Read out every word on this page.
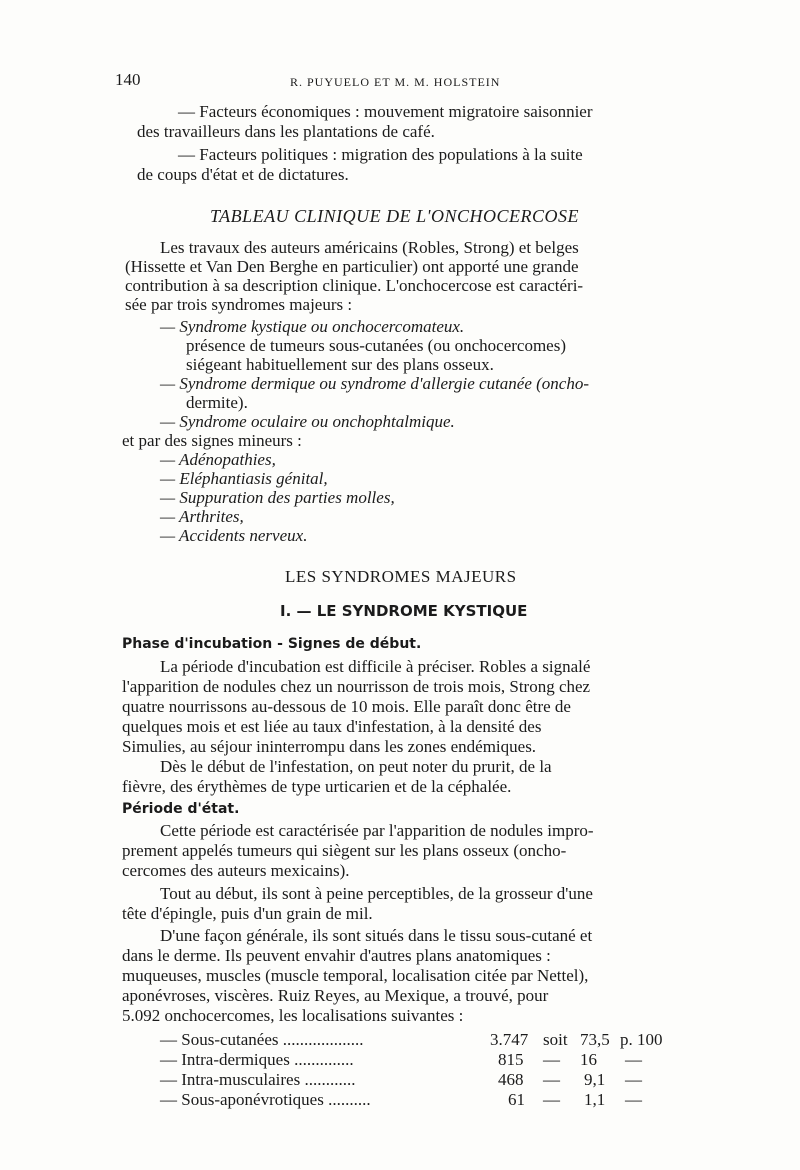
140	R. PUYUELO ET M. M. HOLSTEIN
— Facteurs économiques : mouvement migratoire saisonnier
des travailleurs dans les plantations de café.
— Facteurs politiques : migration des populations à la suite
de coups d'état et de dictatures.
TABLEAU CLINIQUE DE L'ONCHOCERCOSE
Les travaux des auteurs américains (Robles, Strong) et belges
(Hissette et Van Den Berghe en particulier) ont apporté une grande
contribution à sa description clinique. L'onchocercose est caractéri-
sée par trois syndromes majeurs :
— Syndrome kystique ou onchocercomateux.
présence de tumeurs sous-cutanées (ou onchocercomes)
siégeant habituellement sur des plans osseux.
— Syndrome dermique ou syndrome d'allergie cutanée (oncho-
dermite).
— Syndrome oculaire ou onchophtalmique.
et par des signes mineurs :
— Adénopathies,
— Eléphantiasis génital,
— Suppuration des parties molles,
— Arthrites,
— Accidents nerveux.
LES SYNDROMES MAJEURS
I. — LE SYNDROME KYSTIQUE
Phase d'incubation - Signes de début.
La période d'incubation est difficile à préciser. Robles a signalé
l'apparition de nodules chez un nourrisson de trois mois, Strong chez
quatre nourrissons au-dessous de 10 mois. Elle paraît donc être de
quelques mois et est liée au taux d'infestation, à la densité des
Simulies, au séjour ininterrompu dans les zones endémiques.
Dès le début de l'infestation, on peut noter du prurit, de la
fièvre, des érythèmes de type urticarien et de la céphalée.
Période d'état.
Cette période est caractérisée par l'apparition de nodules impro-
prement appelés tumeurs qui siègent sur les plans osseux (oncho-
cercomes des auteurs mexicains).
Tout au début, ils sont à peine perceptibles, de la grosseur d'une
tête d'épingle, puis d'un grain de mil.
D'une façon générale, ils sont situés dans le tissu sous-cutané et
dans le derme. Ils peuvent envahir d'autres plans anatomiques :
muqueuses, muscles (muscle temporal, localisation citée par Nettel),
aponévroses, viscères. Ruiz Reyes, au Mexique, a trouvé, pour
5.092 onchocercomes, les localisations suivantes :
— Sous-cutanées ...................	3.747 soit 73,5 p. 100
— Intra-dermiques ..............	815 — 16 —
— Intra-musculaires ............	468 — 9,1 —
— Sous-aponévrotiques ..........	61 — 1,1 —
